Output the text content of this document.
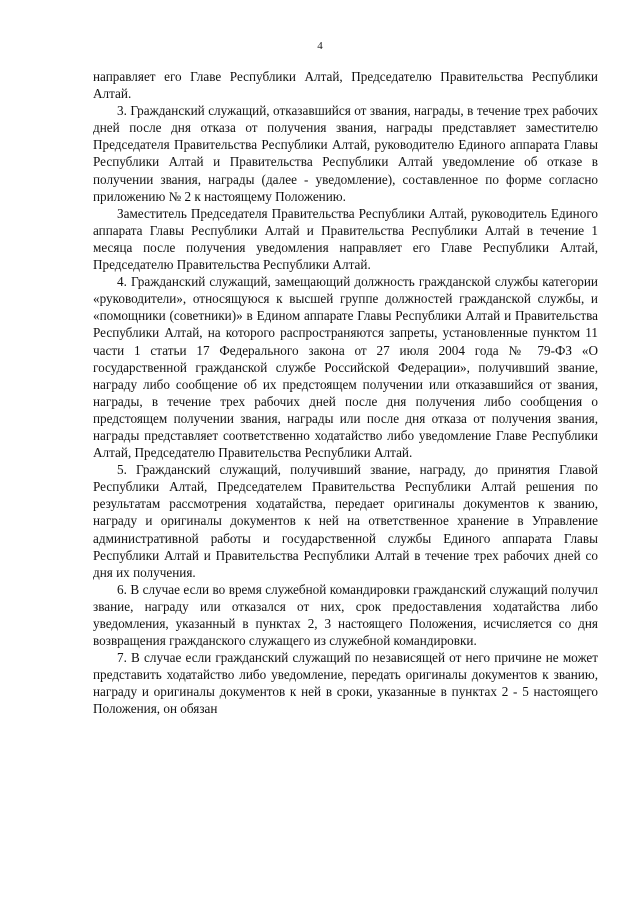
4

направляет его Главе Республики Алтай, Председателю Правительства Республики Алтай.

3. Гражданский служащий, отказавшийся от звания, награды, в течение трех рабочих дней после дня отказа от получения звания, награды представляет заместителю Председателя Правительства Республики Алтай, руководителю Единого аппарата Главы Республики Алтай и Правительства Республики Алтай уведомление об отказе в получении звания, награды (далее - уведомление), составленное по форме согласно приложению № 2 к настоящему Положению.

Заместитель Председателя Правительства Республики Алтай, руководитель Единого аппарата Главы Республики Алтай и Правительства Республики Алтай в течение 1 месяца после получения уведомления направляет его Главе Республики Алтай, Председателю Правительства Республики Алтай.

4. Гражданский служащий, замещающий должность гражданской службы категории «руководители», относящуюся к высшей группе должностей гражданской службы, и «помощники (советники)» в Едином аппарате Главы Республики Алтай и Правительства Республики Алтай, на которого распространяются запреты, установленные пунктом 11 части 1 статьи 17 Федерального закона от 27 июля 2004 года № 79-ФЗ «О государственной гражданской службе Российской Федерации», получивший звание, награду либо сообщение об их предстоящем получении или отказавшийся от звания, награды, в течение трех рабочих дней после дня получения либо сообщения о предстоящем получении звания, награды или после дня отказа от получения звания, награды представляет соответственно ходатайство либо уведомление Главе Республики Алтай, Председателю Правительства Республики Алтай.

5. Гражданский служащий, получивший звание, награду, до принятия Главой Республики Алтай, Председателем Правительства Республики Алтай решения по результатам рассмотрения ходатайства, передает оригиналы документов к званию, награду и оригиналы документов к ней на ответственное хранение в Управление административной работы и государственной службы Единого аппарата Главы Республики Алтай и Правительства Республики Алтай в течение трех рабочих дней со дня их получения.

6. В случае если во время служебной командировки гражданский служащий получил звание, награду или отказался от них, срок предоставления ходатайства либо уведомления, указанный в пунктах 2, 3 настоящего Положения, исчисляется со дня возвращения гражданского служащего из служебной командировки.

7. В случае если гражданский служащий по независящей от него причине не может представить ходатайство либо уведомление, передать оригиналы документов к званию, награду и оригиналы документов к ней в сроки, указанные в пунктах 2 - 5 настоящего Положения, он обязан
